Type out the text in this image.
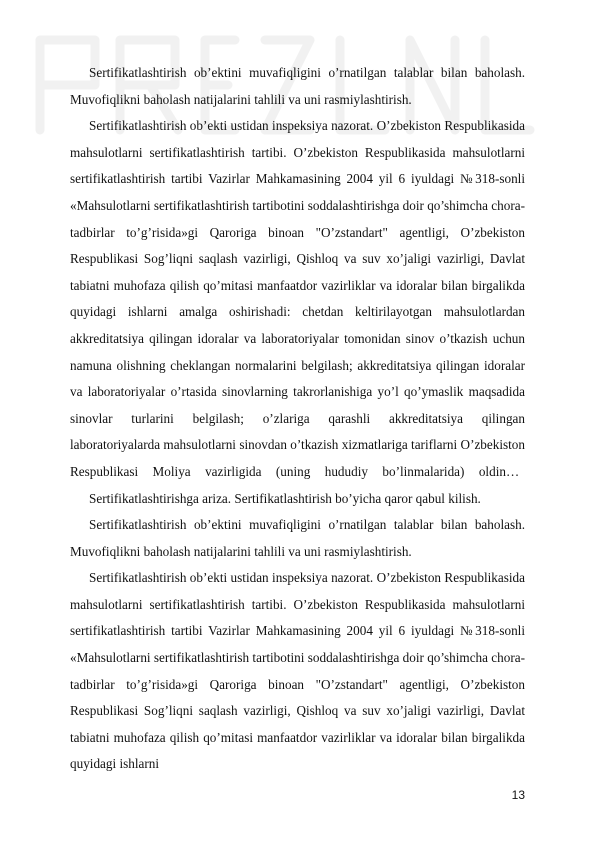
Sertifikatlashtirish ob’ektini muvafiqligini o’rnatilgan talablar bilan baholash. Muvofiqlikni baholash natijalarini tahlili va uni rasmiylashtirish.

Sertifikatlashtirish ob’ekti ustidan inspeksiya nazorat. O’zbekiston Respublikasida mahsulotlarni sertifikatlashtirish tartibi. O’zbekiston Respublikasida mahsulotlarni sertifikatlashtirish tartibi Vazirlar Mahkamasining 2004 yil 6 iyuldagi №318-sonli «Mahsulotlarni sertifikatlashtirish tartibotini soddalashtirishga doir qo’shimcha chora-tadbirlar to’g’risida»gi Qaroriga binoan "O’zstandart" agentligi, O’zbekiston Respublikasi Sog’liqni saqlash vazirligi, Qishloq va suv xo’jaligi vazirligi, Davlat tabiatni muhofaza qilish qo’mitasi manfaatdor vazirliklar va idoralar bilan birgalikda quyidagi ishlarni amalga oshirishadi: chetdan keltirilayotgan mahsulotlardan akkreditatsiya qilingan idoralar va laboratoriyalar tomonidan sinov o’tkazish uchun namuna olishning cheklangan normalarini belgilash; akkreditatsiya qilingan idoralar va laboratoriyalar o’rtasida sinovlarning takrorlanishiga yo’l qo’ymaslik maqsadida sinovlar turlarini belgilash; o’zlariga qarashli akkreditatsiya qilingan laboratoriyalarda mahsulotlarni sinovdan o’tkazish xizmatlariga tariflarni O’zbekiston Respublikasi Moliya vazirligida (uning hududiy bo’linmalarida) oldindan

Sertifikatlashtirishga ariza. Sertifikatlashtirish bo’yicha qaror qabul kilish.

Sertifikatlashtirish ob’ektini muvafiqligini o’rnatilgan talablar bilan baholash. Muvofiqlikni baholash natijalarini tahlili va uni rasmiylashtirish.

Sertifikatlashtirish ob’ekti ustidan inspeksiya nazorat. O’zbekiston Respublikasida mahsulotlarni sertifikatlashtirish tartibi. O’zbekiston Respublikasida mahsulotlarni sertifikatlashtirish tartibi Vazirlar Mahkamasining 2004 yil 6 iyuldagi №318-sonli «Mahsulotlarni sertifikatlashtirish tartibotini soddalashtirishga doir qo’shimcha chora-tadbirlar to’g’risida»gi Qaroriga binoan "O’zstandart" agentligi, O’zbekiston Respublikasi Sog’liqni saqlash vazirligi, Qishloq va suv xo’jaligi vazirligi, Davlat tabiatni muhofaza qilish qo’mitasi manfaatdor vazirliklar va idoralar bilan birgalikda quyidagi ishlarni

13
